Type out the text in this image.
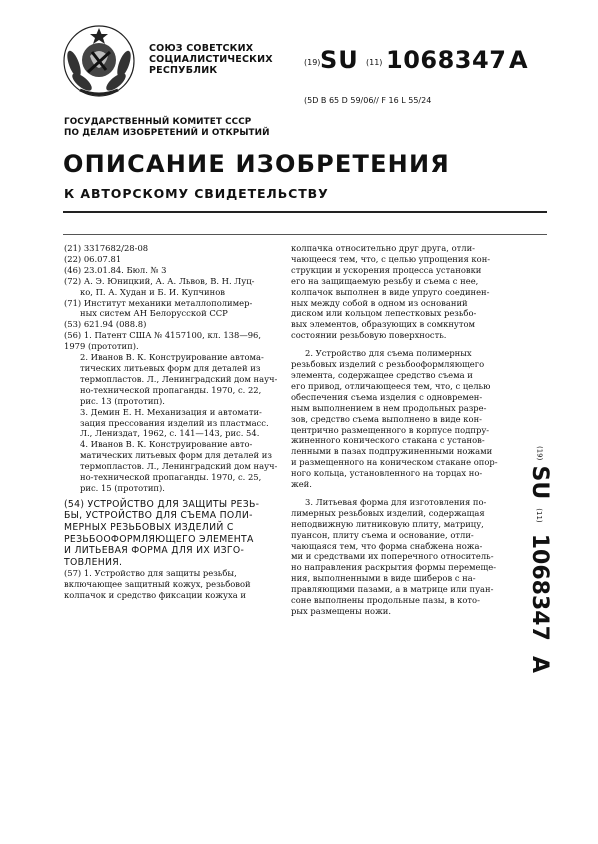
СОЮЗ СОВЕТСКИХ
СОЦИАЛИСТИЧЕСКИХ
РЕСПУБЛИК
(19) SU (11) 1068347 A
(5D B 65 D 59/06// F 16 L 55/24
ГОСУДАРСТВЕННЫЙ КОМИТЕТ СССР
ПО ДЕЛАМ ИЗОБРЕТЕНИЙ И ОТКРЫТИЙ
ОПИСАНИЕ ИЗОБРЕТЕНИЯ
К АВТОРСКОМУ СВИДЕТЕЛЬСТВУ
(21) 3317682/28-08
(22) 06.07.81
(46) 23.01.84. Бюл. № 3
(72) А. Э. Юницкий, А. А. Львов, В. Н. Луц-
ко, П. А. Худан и Б. И. Купчинов
(71) Институт механики металлополимер-
ных систем АН Белорусской ССР
(53) 621.94 (088.8)
(56) 1. Патент США № 4157100, кл. 138—96,
1979 (прототип).
2. Иванов В. К. Конструирование автома-
тических литьевых форм для деталей из
термопластов. Л., Ленинградский дом науч-
но-технической пропаганды. 1970, с. 22,
рис. 13 (прототип).
3. Демин Е. Н. Механизация и автомати-
зация прессования изделий из пластмасс.
Л., Лениздат, 1962, с. 141—143, рис. 54.
4. Иванов В. К. Конструирование авто-
матических литьевых форм для деталей из
термопластов. Л., Ленинградский дом науч-
но-технической пропаганды. 1970, с. 25,
рис. 15 (прототип).
(54) УСТРОЙСТВО ДЛЯ ЗАЩИТЫ РЕЗЬ-
БЫ, УСТРОЙСТВО ДЛЯ СЪЕМА ПОЛИ-
МЕРНЫХ РЕЗЬБОВЫХ ИЗДЕЛИЙ С
РЕЗЬБООФОРМЛЯЮЩЕГО ЭЛЕМЕНТА
И ЛИТЬЕВАЯ ФОРМА ДЛЯ ИХ ИЗГО-
ТОВЛЕНИЯ.
(57) 1. Устройство для защиты резьбы,
включающее защитный кожух, резьбовой
колпачок и средство фиксации кожуха и
колпачка относительно друг друга, отли-
чающееся тем, что, с целью упрощения кон-
струкции и ускорения процесса установки
его на защищаемую резьбу и съема с нее,
колпачок выполнен в виде упруго соединен-
ных между собой в одном из оснований
диском или кольцом лепестковых резьбо-
вых элементов, образующих в сомкнутом
состоянии резьбовую поверхность.
2. Устройство для съема полимерных
резьбовых изделий с резьбооформляющего
элемента, содержащее средство съема и
его привод, отличающееся тем, что, с целью
обеспечения съема изделия с одновремен-
ным выполнением в нем продольных разре-
зов, средство съема выполнено в виде кон-
центрично размещенного в корпусе подпру-
жиненного конического стакана с установ-
ленными в пазах подпружиненными ножами
и размещенного на коническом стакане опор-
ного кольца, установленного на торцах но-
жей.
3. Литьевая форма для изготовления по-
лимерных резьбовых изделий, содержащая
неподвижную литниковую плиту, матрицу,
пуансон, плиту съема и основание, отли-
чающаяся тем, что форма снабжена ножа-
ми и средствами их поперечного относитель-
но направления раскрытия формы перемеще-
ния, выполненными в виде шиберов с на-
правляющими пазами, а в матрице или пуан-
соне выполнены продольные пазы, в кото-
рых размещены ножи.
(19) SU (11) 1068347 A
